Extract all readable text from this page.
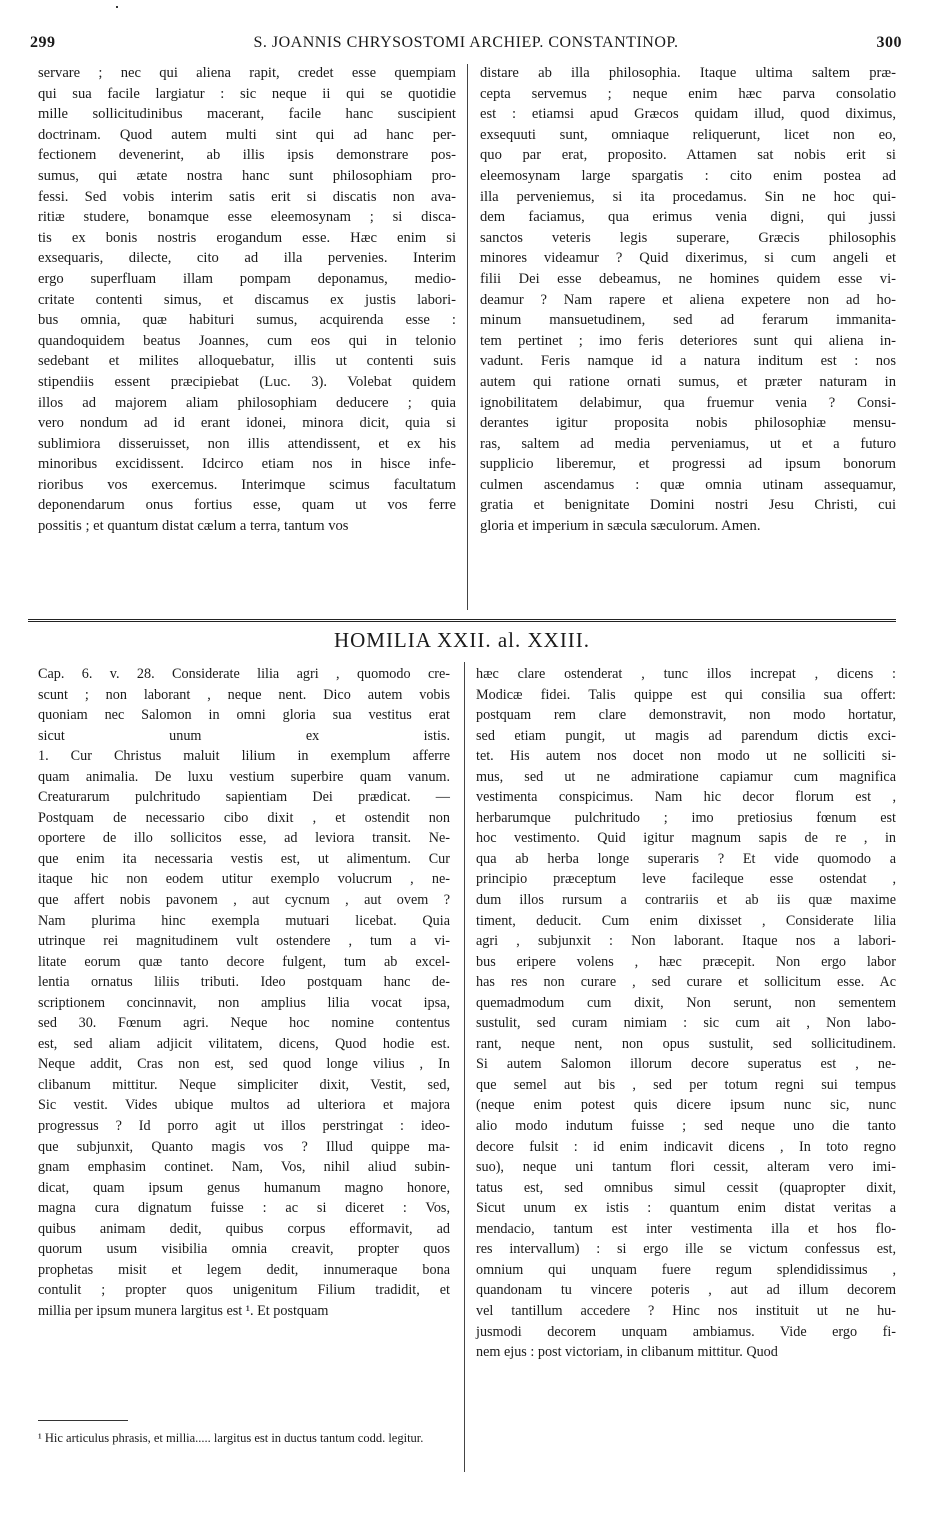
299	S. JOANNIS CHRYSOSTOMI ARCHIEP. CONSTANTINOP.	300
servare ; nec qui aliena rapit, credet esse quempiam
qui sua facile largiatur : sic neque ii qui se quotidie
mille sollicitudinibus macerant, facile hanc suscipient
doctrinam. Quod autem multi sint qui ad hanc per-
fectionem devenerint, ab illis ipsis demonstrare pos-
sumus, qui ætate nostra hanc sunt philosophiam pro-
fessi. Sed vobis interim satis erit si discatis non ava-
ritiæ studere, bonamque esse eleemosynam ; si disca-
tis ex bonis nostris erogandum esse. Hæc enim si
exsequaris, dilecte, cito ad illa pervenies. Interim
ergo superfluam illam pompam deponamus, medio-
critate contenti simus, et discamus ex justis labori-
bus omnia, quæ habituri sumus, acquirenda esse :
quandoquidem beatus Joannes, cum eos qui in telonio
sedebant et milites alloquebatur, illis ut contenti suis
stipendiis essent præcipiebat (Luc. 3). Volebat quidem
illos ad majorem aliam philosophiam deducere ; quia
vero nondum ad id erant idonei, minora dicit, quia si
sublimiora disseruisset, non illis attendissent, et ex his
minoribus excidissent. Idcirco etiam nos in hisce infe-
rioribus vos exercemus. Interimque scimus facultatum
deponendarum onus fortius esse, quam ut vos ferre
possitis ; et quantum distat cælum a terra, tantum vos
distare ab illa philosophia. Itaque ultima saltem præ-
cepta servemus ; neque enim hæc parva consolatio
est : etiamsi apud Græcos quidam illud, quod diximus,
exsequuti sunt, omniaque reliquerunt, licet non eo,
quo par erat, proposito. Attamen sat nobis erit si
eleemosynam large spargatis : cito enim postea ad
illa perveniemus, si ita procedamus. Sin ne hoc qui-
dem faciamus, qua erimus venia digni, qui jussi
sanctos veteris legis superare, Græcis philosophis
minores videamur ? Quid dixerimus, si cum angeli et
filii Dei esse debeamus, ne homines quidem esse vi-
deamur ? Nam rapere et aliena expetere non ad ho-
minum mansuetudinem, sed ad ferarum immanita-
tem pertinet ; imo feris deteriores sunt qui aliena in-
vadunt. Feris namque id a natura inditum est : nos
autem qui ratione ornati sumus, et præter naturam in
ignobilitatem delabimur, qua fruemur venia ? Consi-
derantes igitur proposita nobis philosophiæ mensu-
ras, saltem ad media perveniamus, ut et a futuro
supplicio liberemur, et progressi ad ipsum bonorum
culmen ascendamus : quæ omnia utinam assequamur,
gratia et benignitate Domini nostri Jesu Christi, cui
gloria et imperium in sæcula sæculorum. Amen.
HOMILIA XXII. al. XXIII.
Cap. 6. v. 28. Considerate lilia agri , quomodo cre-
scunt ; non laborant , neque nent. Dico autem vobis
quoniam nec Salomon in omni gloria sua vestitus erat
sicut unum ex istis.
1. Cur Christus maluit lilium in exemplum afferre
quam animalia. De luxu vestium superbire quam vanum.
Creaturarum pulchritudo sapientiam Dei prædicat. —
Postquam de necessario cibo dixit , et ostendit non
oportere de illo sollicitos esse, ad leviora transit. Ne-
que enim ita necessaria vestis est, ut alimentum. Cur
itaque hic non eodem utitur exemplo volucrum , ne-
que affert nobis pavonem , aut cycnum , aut ovem ?
Nam plurima hinc exempla mutuari licebat. Quia
utrinque rei magnitudinem vult ostendere , tum a vi-
litate eorum quæ tanto decore fulgent, tum ab excel-
lentia ornatus liliis tributi. Ideo postquam hanc de-
scriptionem concinnavit, non amplius lilia vocat ipsa,
sed 30. Fœnum agri. Neque hoc nomine contentus
est, sed aliam adjicit vilitatem, dicens, Quod hodie est.
Neque addit, Cras non est, sed quod longe vilius , In
clibanum mittitur. Neque simpliciter dixit, Vestit, sed,
Sic vestit. Vides ubique multos ad ulteriora et majora
progressus ? Id porro agit ut illos perstringat : ideo-
que subjunxit, Quanto magis vos ? Illud quippe ma-
gnam emphasim continet. Nam, Vos, nihil aliud subin-
dicat, quam ipsum genus humanum magno honore,
magna cura dignatum fuisse : ac si diceret : Vos,
quibus animam dedit, quibus corpus efformavit, ad
quorum usum visibilia omnia creavit, propter quos
prophetas misit et legem dedit, innumeraque bona
contulit ; propter quos unigenitum Filium tradidit, et
millia per ipsum munera largitus est ¹. Et postquam
hæc clare ostenderat , tunc illos increpat , dicens :
Modicæ fidei. Talis quippe est qui consilia sua offert:
postquam rem clare demonstravit, non modo hortatur,
sed etiam pungit, ut magis ad parendum dictis exci-
tet. His autem nos docet non modo ut ne solliciti si-
mus, sed ut ne admiratione capiamur cum magnifica
vestimenta conspicimus. Nam hic decor florum est ,
herbarumque pulchritudo ; imo pretiosius fœnum est
hoc vestimento. Quid igitur magnum sapis de re , in
qua ab herba longe superaris ? Et vide quomodo a
principio præceptum leve facileque esse ostendat ,
dum illos rursum a contrariis et ab iis quæ maxime
timent, deducit. Cum enim dixisset , Considerate lilia
agri , subjunxit : Non laborant. Itaque nos a labori-
bus eripere volens , hæc præcepit. Non ergo labor
has res non curare , sed curare et sollicitum esse. Ac
quemadmodum cum dixit, Non serunt, non sementem
sustulit, sed curam nimiam : sic cum ait , Non labo-
rant, neque nent, non opus sustulit, sed sollicitudinem.
Si autem Salomon illorum decore superatus est , ne-
que semel aut bis , sed per totum regni sui tempus
(neque enim potest quis dicere ipsum nunc sic, nunc
alio modo indutum fuisse ; sed neque uno die tanto
decore fulsit : id enim indicavit dicens , In toto regno
suo), neque uni tantum flori cessit, alteram vero imi-
tatus est, sed omnibus simul cessit (quapropter dixit,
Sicut unum ex istis : quantum enim distat veritas a
mendacio, tantum est inter vestimenta illa et hos flo-
res intervallum) : si ergo ille se victum confessus est,
omnium qui unquam fuere regum splendidissimus ,
quandonam tu vincere poteris , aut ad illum decorem
vel tantillum accedere ? Hinc nos instituit ut ne hu-
jusmodi decorem unquam ambiamus. Vide ergo fi-
nem ejus : post victoriam, in clibanum mittitur. Quod
¹ Hic articulus phrasis, et millia..... largitus est in ductus tantum codd. legitur.
